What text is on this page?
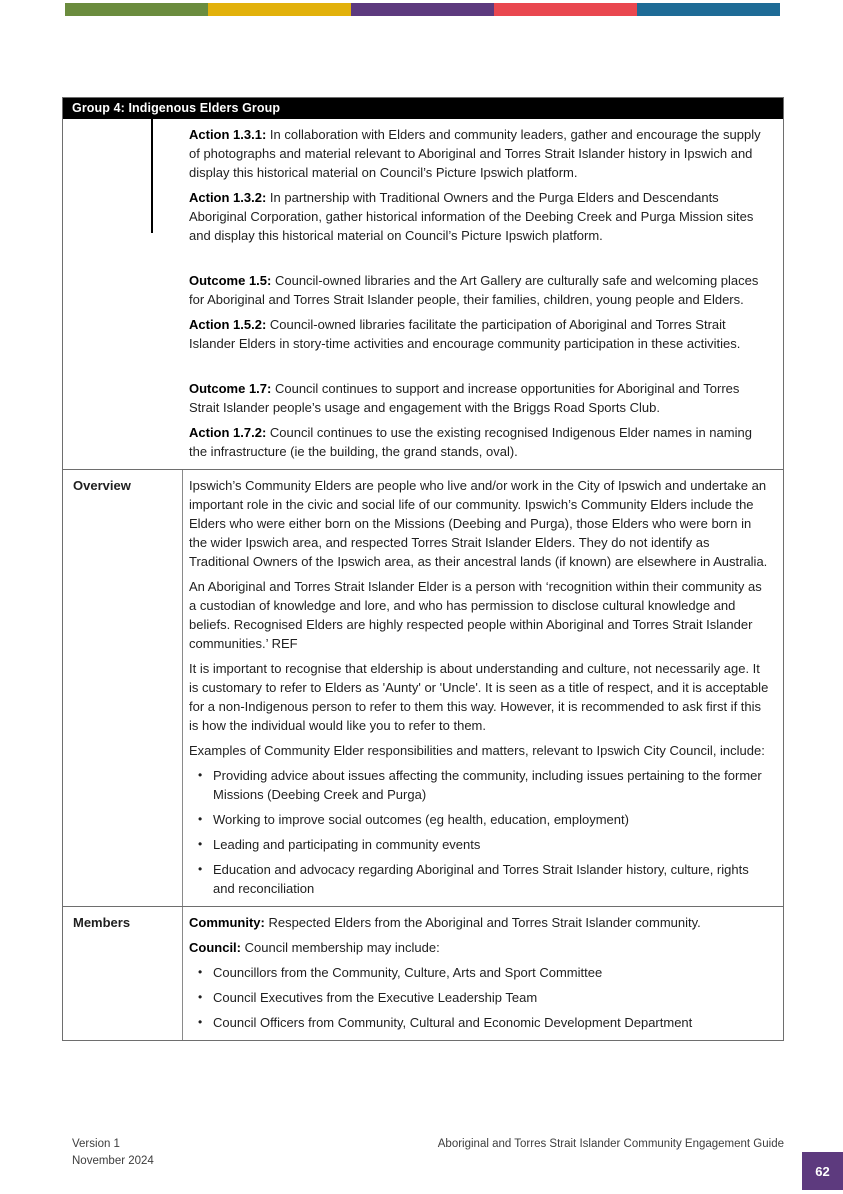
Group 4: Indigenous Elders Group
Action 1.3.1: In collaboration with Elders and community leaders, gather and encourage the supply of photographs and material relevant to Aboriginal and Torres Strait Islander history in Ipswich and display this historical material on Council’s Picture Ipswich platform.
Action 1.3.2: In partnership with Traditional Owners and the Purga Elders and Descendants Aboriginal Corporation, gather historical information of the Deebing Creek and Purga Mission sites and display this historical material on Council’s Picture Ipswich platform.
Outcome 1.5: Council-owned libraries and the Art Gallery are culturally safe and welcoming places for Aboriginal and Torres Strait Islander people, their families, children, young people and Elders.
Action 1.5.2: Council-owned libraries facilitate the participation of Aboriginal and Torres Strait Islander Elders in story-time activities and encourage community participation in these activities.
Outcome 1.7: Council continues to support and increase opportunities for Aboriginal and Torres Strait Islander people’s usage and engagement with the Briggs Road Sports Club.
Action 1.7.2: Council continues to use the existing recognised Indigenous Elder names in naming the infrastructure (ie the building, the grand stands, oval).
Overview	Ipswich’s Community Elders are people who live and/or work in the City of Ipswich and undertake an important role in the civic and social life of our community. Ipswich’s Community Elders include the Elders who were either born on the Missions (Deebing and Purga), those Elders who were born in the wider Ipswich area, and respected Torres Strait Islander Elders. They do not identify as Traditional Owners of the Ipswich area, as their ancestral lands (if known) are elsewhere in Australia.
An Aboriginal and Torres Strait Islander Elder is a person with ‘recognition within their community as a custodian of knowledge and lore, and who has permission to disclose cultural knowledge and beliefs. Recognised Elders are highly respected people within Aboriginal and Torres Strait Islander communities.’ REF
It is important to recognise that eldership is about understanding and culture, not necessarily age. It is customary to refer to Elders as 'Aunty' or 'Uncle'. It is seen as a title of respect, and it is acceptable for a non-Indigenous person to refer to them this way. However, it is recommended to ask first if this is how the individual would like you to refer to them.
Examples of Community Elder responsibilities and matters, relevant to Ipswich City Council, include:
• Providing advice about issues affecting the community, including issues pertaining to the former Missions (Deebing Creek and Purga)
• Working to improve social outcomes (eg health, education, employment)
• Leading and participating in community events
• Education and advocacy regarding Aboriginal and Torres Strait Islander history, culture, rights and reconciliation
Members	Community: Respected Elders from the Aboriginal and Torres Strait Islander community.
Council: Council membership may include:
• Councillors from the Community, Culture, Arts and Sport Committee
• Council Executives from the Executive Leadership Team
• Council Officers from Community, Cultural and Economic Development Department
Version 1
November 2024
Aboriginal and Torres Strait Islander Community Engagement Guide
62
